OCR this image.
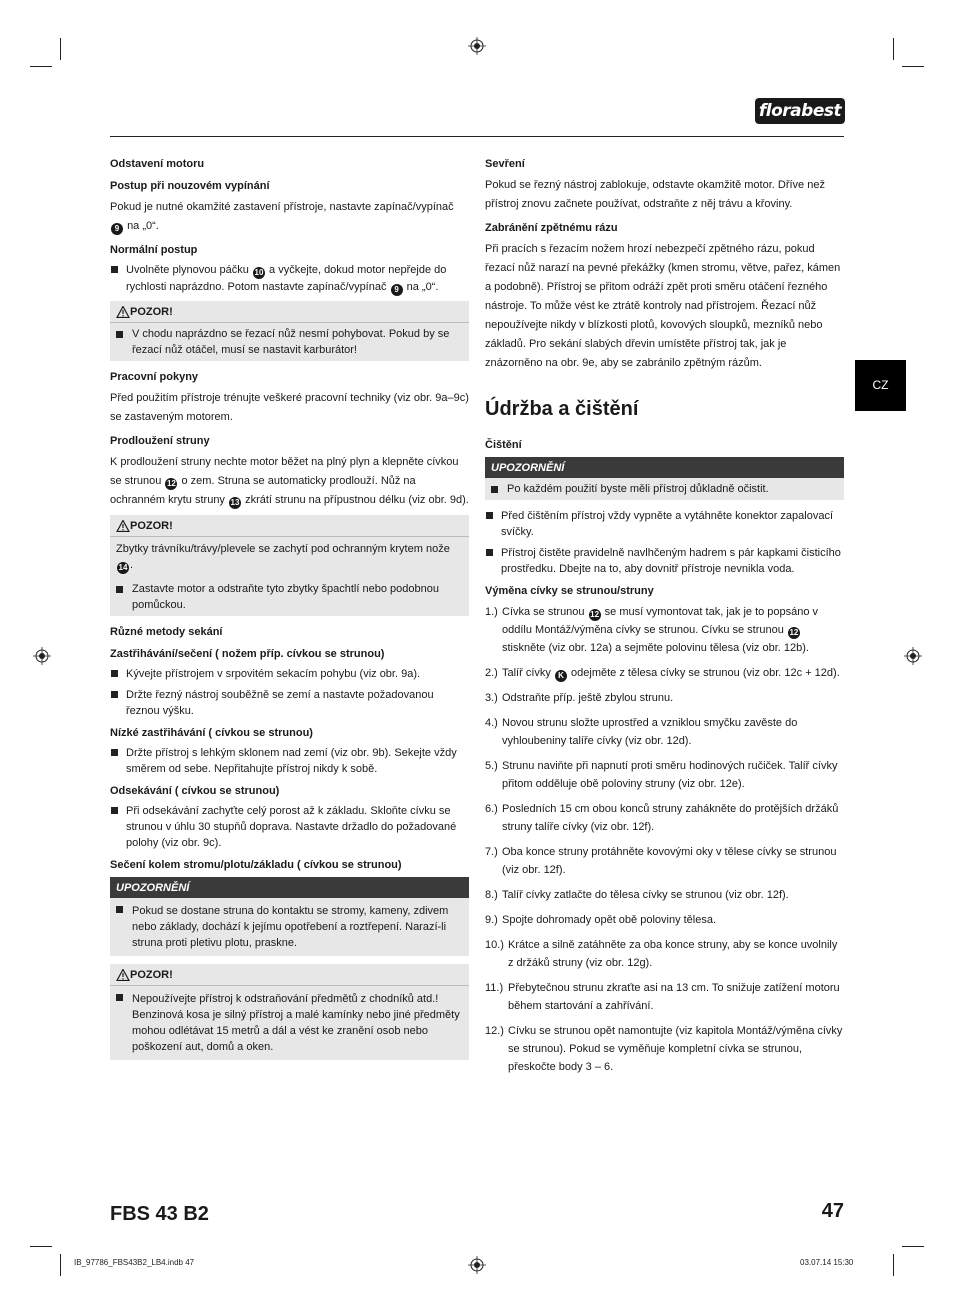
florabest
CZ
Odstavení motoru
Postup při nouzovém vypínání
Pokud je nutné okamžité zastavení přístroje, nastavte zapínač/vypínač 9 na „0“.
Normální postup
Uvolněte plynovou páčku 10 a vyčkejte, dokud motor nepřejde do rychlosti naprázdno. Potom nastavte zapínač/vypínač 9 na „0“.
POZOR!
V chodu naprázdno se řezací nůž nesmí pohybovat. Pokud by se řezací nůž otáčel, musí se nastavit karburátor!
Pracovní pokyny
Před použitím přístroje trénujte veškeré pracovní techniky (viz obr. 9a–9c) se zastaveným motorem.
Prodloužení struny
K prodloužení struny nechte motor běžet na plný plyn a klepněte cívkou se strunou 12 o zem. Struna se automaticky prodlouží. Nůž na ochranném krytu struny 13 zkrátí strunu na přípustnou délku (viz obr. 9d).
POZOR!
Zbytky trávníku/trávy/plevele se zachytí pod ochranným krytem nože 14 .
Zastavte motor a odstraňte tyto zbytky špachtlí nebo podobnou pomůckou.
Různé metody sekání
Zastřihávání/sečení ( nožem příp. cívkou se strunou)
Kývejte přístrojem v srpovitém sekacím pohybu (viz obr. 9a).
Držte řezný nástroj souběžně se zemí a nastavte požadovanou řeznou výšku.
Nízké zastřihávání ( cívkou se strunou)
Držte přístroj s lehkým sklonem nad zemí (viz obr. 9b). Sekejte vždy směrem od sebe. Nepřitahujte přístroj nikdy k sobě.
Odsekávání ( cívkou se strunou)
Při odsekávání zachyťte celý porost až k základu. Skloňte cívku se strunou v úhlu 30 stupňů doprava. Nastavte držadlo do požadované polohy (viz obr. 9c).
Sečení kolem stromu/plotu/základu ( cívkou se strunou)
UPOZORNĚNÍ
Pokud se dostane struna do kontaktu se stromy, kameny, zdivem nebo základy, dochází k jejímu opotřebení a roztřepení. Narazí-li struna proti pletivu plotu, praskne.
POZOR!
Nepoužívejte přístroj k odstraňování předmětů z chodníků atd.! Benzinová kosa je silný přístroj a malé kamínky nebo jiné předměty mohou odlétávat 15 metrů a dál a vést ke zranění osob nebo poškození aut, domů a oken.
Sevření
Pokud se řezný nástroj zablokuje, odstavte okamžitě motor. Dříve než přístroj znovu začnete používat, odstraňte z něj trávu a křoviny.
Zabránění zpětnému rázu
Při pracích s řezacím nožem hrozí nebezpečí zpětného rázu, pokud řezací nůž narazí na pevné překážky (kmen stromu, větve, pařez, kámen a podobně). Přístroj se přitom odráží zpět proti směru otáčení řezného nástroje. To může vést ke ztrátě kontroly nad přístrojem. Řezací nůž nepoužívejte nikdy v blízkosti plotů, kovových sloupků, mezníků nebo základů. Pro sekání slabých dřevin umístěte přístroj tak, jak je znázorněno na obr. 9e, aby se zabránilo zpětným rázům.
Údržba a čištění
Čištění
UPOZORNĚNÍ
Po každém použití byste měli přístroj důkladně očistit.
Před čištěním přístroj vždy vypněte a vytáhněte konektor zapalovací svíčky.
Přístroj čistěte pravidelně navlhčeným hadrem s pár kapkami čisticího prostředku. Dbejte na to, aby dovnitř přístroje nevnikla voda.
Výměna cívky se strunou/struny
1.) Cívka se strunou 12 se musí vymontovat tak, jak je to popsáno v oddílu Montáž/výměna cívky se strunou. Cívku se strunou 12 stiskněte (viz obr. 12a) a sejměte polovinu tělesa (viz obr. 12b).
2.) Talíř cívky K odejměte z tělesa cívky se strunou (viz obr. 12c + 12d).
3.) Odstraňte příp. ještě zbylou strunu.
4.) Novou strunu složte uprostřed a vzniklou smyčku zavěste do vyhloubeniny talíře cívky (viz obr. 12d).
5.) Strunu naviňte při napnutí proti směru hodinových ručiček. Talíř cívky přitom odděluje obě poloviny struny (viz obr. 12e).
6.) Posledních 15 cm obou konců struny zahákněte do protějších držáků struny talíře cívky (viz obr. 12f).
7.) Oba konce struny protáhněte kovovými oky v tělese cívky se strunou (viz obr. 12f).
8.) Talíř cívky zatlačte do tělesa cívky se strunou (viz obr. 12f).
9.) Spojte dohromady opět obě poloviny tělesa.
10.) Krátce a silně zatáhněte za oba konce struny, aby se konce uvolnily z držáků struny (viz obr. 12g).
11.) Přebytečnou strunu zkraťte asi na 13 cm. To snižuje zatížení motoru během startování a zahřívání.
12.) Cívku se strunou opět namontujte (viz kapitola Montáž/výměna cívky se strunou). Pokud se vyměňuje kompletní cívka se strunou, přeskočte body 3 – 6.
FBS 43 B2	47
IB_97786_FBS43B2_LB4.indb 47	03.07.14 15:30
